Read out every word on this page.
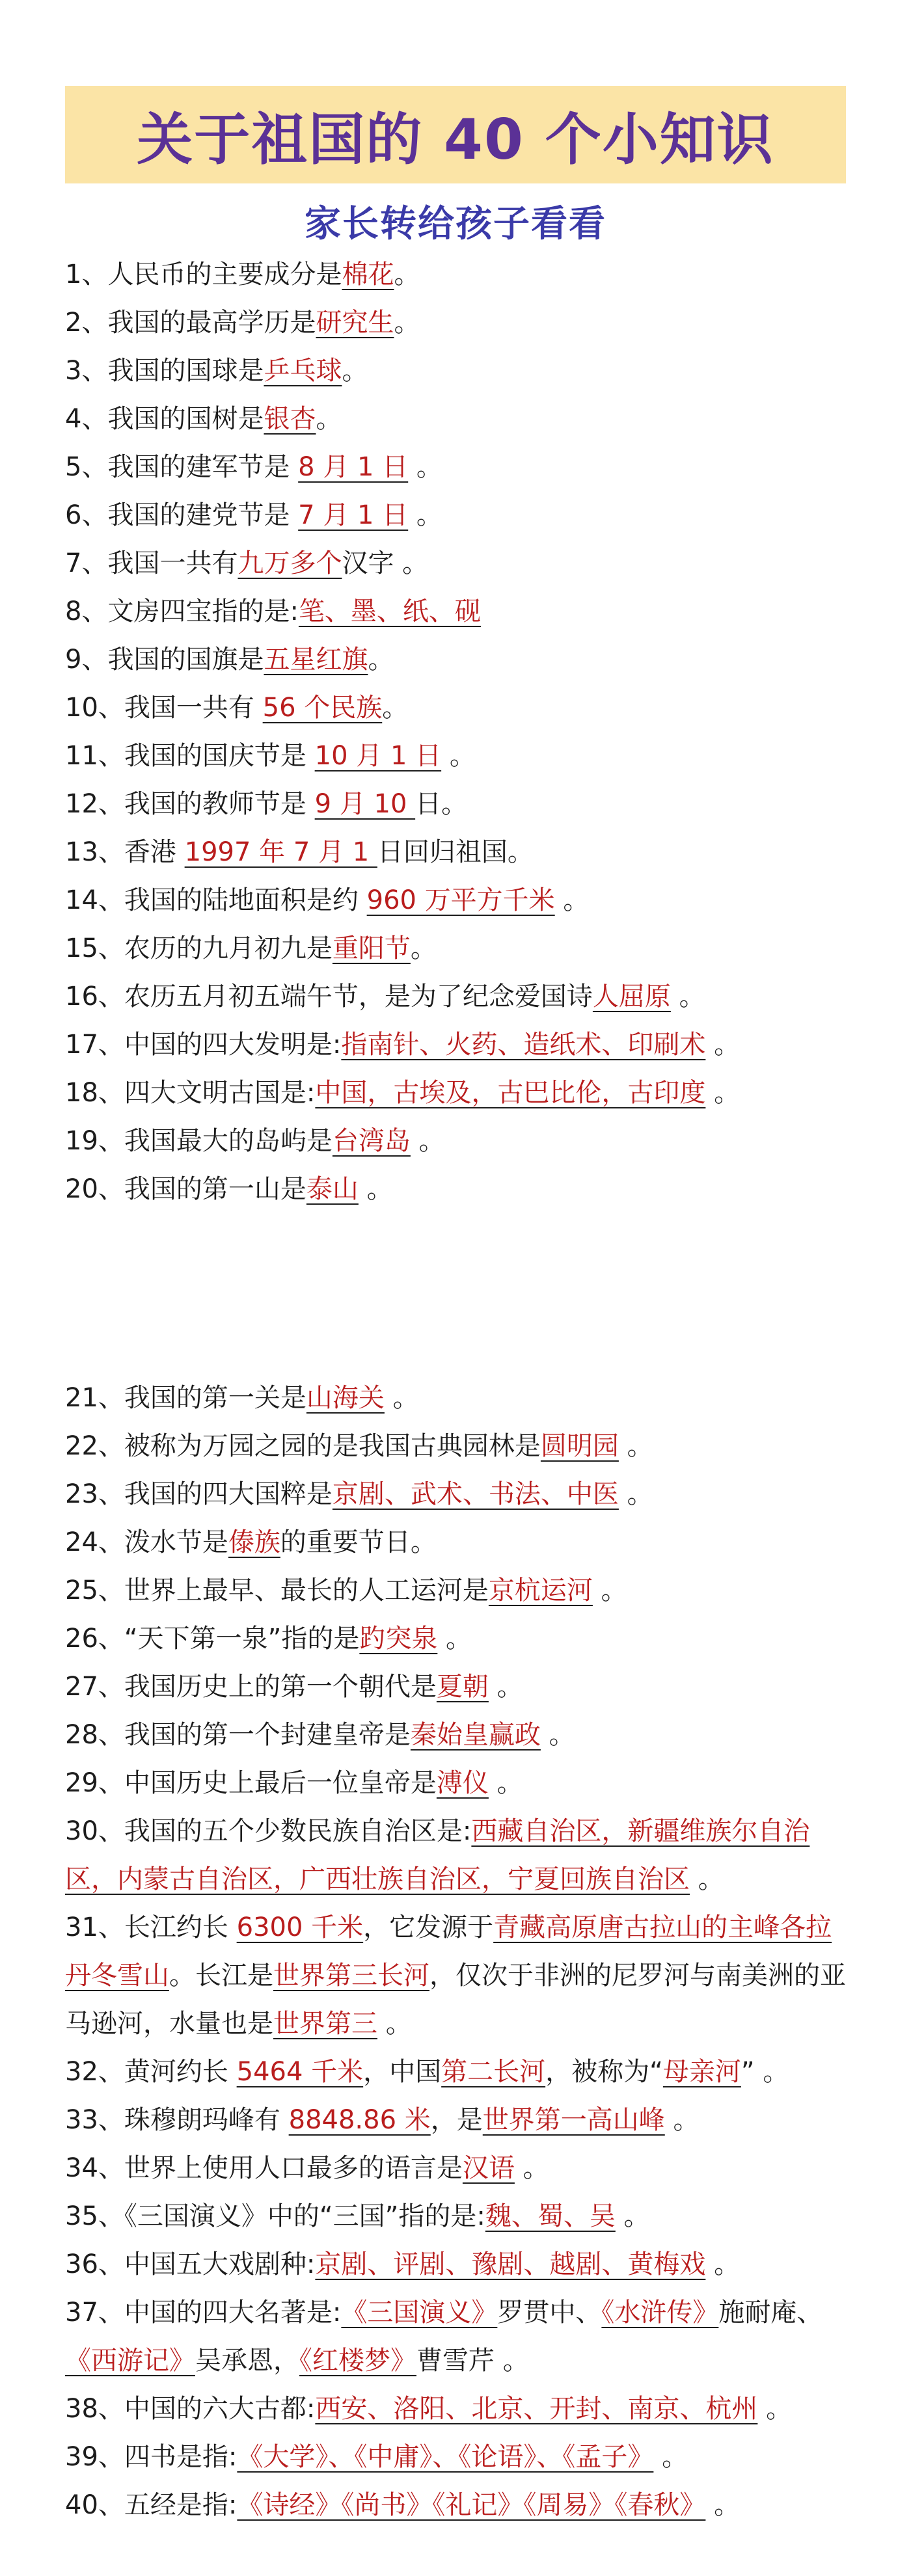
关于祖国的 40 个小知识
家长转给孩子看看
1、人民币的主要成分是棉花。
2、我国的最高学历是研究生。
3、我国的国球是乒乓球。
4、我国的国树是银杏。
5、我国的建军节是 8 月 1 日 。
6、我国的建党节是 7 月 1 日 。
7、我国一共有九万多个汉字 。
8、文房四宝指的是:笔、墨、纸、砚
9、我国的国旗是五星红旗。
10、我国一共有 56 个民族。
11、我国的国庆节是 10 月 1 日 。
12、我国的教师节是 9 月 10 日。
13、香港 1997 年 7 月 1 日回归祖国。
14、我国的陆地面积是约 960 万平方千米 。
15、农历的九月初九是重阳节。
16、农历五月初五端午节，是为了纪念爱国诗人屈原 。
17、中国的四大发明是:指南针、火药、造纸术、印刷术 。
18、四大文明古国是:中国，古埃及，古巴比伦，古印度 。
19、我国最大的岛屿是台湾岛 。
20、我国的第一山是泰山 。
21、我国的第一关是山海关 。
22、被称为万园之园的是我国古典园林是圆明园 。
23、我国的四大国粹是京剧、武术、书法、中医 。
24、泼水节是傣族的重要节日。
25、世界上最早、最长的人工运河是京杭运河 。
26、“天下第一泉”指的是趵突泉 。
27、我国历史上的第一个朝代是夏朝 。
28、我国的第一个封建皇帝是秦始皇赢政 。
29、中国历史上最后一位皇帝是溥仪 。
30、我国的五个少数民族自治区是:西藏自治区，新疆维族尔自治区，内蒙古自治区，广西壮族自治区，宁夏回族自治区 。
31、长江约长 6300 千米，它发源于青藏高原唐古拉山的主峰各拉丹冬雪山。长江是世界第三长河，仅次于非洲的尼罗河与南美洲的亚马逊河，水量也是世界第三 。
32、黄河约长 5464 千米，中国第二长河，被称为“母亲河” 。
33、珠穆朗玛峰有 8848.86 米，是世界第一高山峰 。
34、世界上使用人口最多的语言是汉语 。
35、《三国演义》中的“三国”指的是:魏、蜀、吴 。
36、中国五大戏剧种:京剧、评剧、豫剧、越剧、黄梅戏 。
37、中国的四大名著是:《三国演义》罗贯中、《水浒传》施耐庵、《西游记》吴承恩，《红楼梦》曹雪芹 。
38、中国的六大古都:西安、洛阳、北京、开封、南京、杭州 。
39、四书是指:《大学》、《中庸》、《论语》、《孟子》 。
40、五经是指:《诗经》《尚书》《礼记》《周易》《春秋》 。
